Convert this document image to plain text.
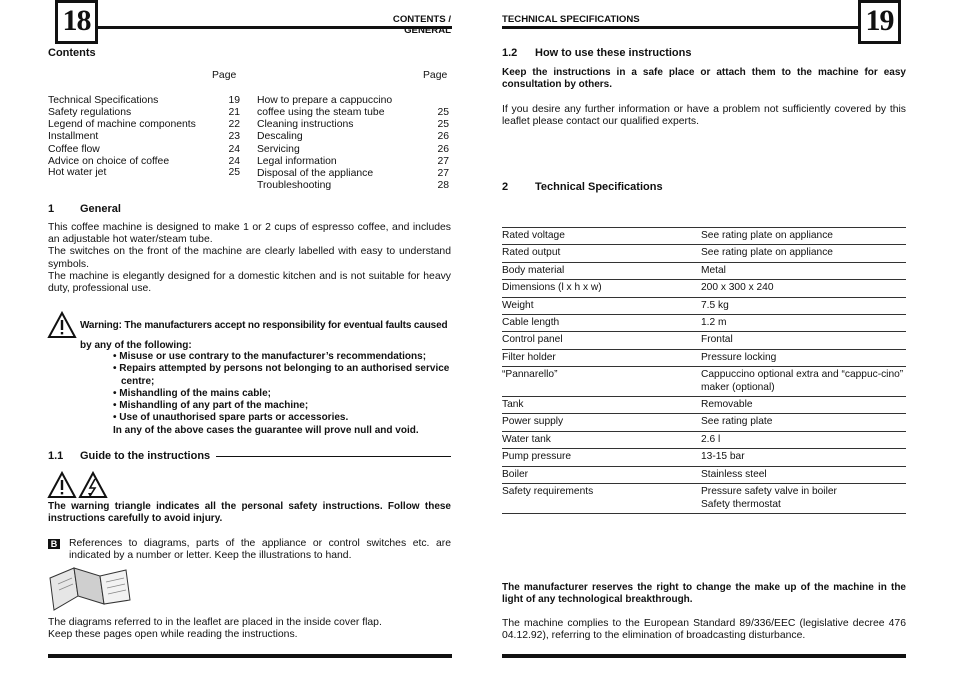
18	CONTENTS / GENERAL
Contents
Page	Page
Technical Specifications	19
Safety regulations	21
Legend of machine components	22
Installment	23
Coffee flow	24
Advice on choice of coffee	24
Hot water jet	25
How to prepare a cappuccino
coffee using the steam tube	25
Cleaning instructions	25
Descaling	26
Servicing	26
Legal information	27
Disposal of the appliance	27
Troubleshooting	28
1 General
This coffee machine is designed to make 1 or 2 cups of espresso coffee, and includes an adjustable hot water/steam tube.
The switches on the front of the machine are clearly labelled with easy to understand symbols.
The machine is elegantly designed for a domestic kitchen and is not suitable for heavy duty, professional use.
Warning: The manufacturers accept no responsibility for eventual faults caused
by any of the following:
• Misuse or use contrary to the manufacturer’s recommendations;
• Repairs attempted by persons not belonging to an authorised service centre;
• Mishandling of the mains cable;
• Mishandling of any part of the machine;
• Use of unauthorised spare parts or accessories.
In any of the above cases the guarantee will prove null and void.
1.1 Guide to the instructions
The warning triangle indicates all the personal safety instructions. Follow these instructions carefully to avoid injury.
B References to diagrams, parts of the appliance or control switches etc. are indicated by a number or letter. Keep the illustrations to hand.
The diagrams referred to in the leaflet are placed in the inside cover flap.
Keep these pages open while reading the instructions.
TECHNICAL SPECIFICATIONS	19
1.2 How to use these instructions
Keep the instructions in a safe place or attach them to the machine for easy consultation by others.
If you desire any further information or have a problem not sufficiently covered by this leaflet please contact our qualified experts.
2 Technical Specifications
Rated voltage	See rating plate on appliance
Rated output	See rating plate on appliance
Body material	Metal
Dimensions (l x h x w)	200 x 300 x 240
Weight	7.5 kg
Cable length	1.2 m
Control panel	Frontal
Filter holder	Pressure locking
“Pannarello”	Cappuccino optional extra and “cappuc-cino” maker (optional)
Tank	Removable
Power supply	See rating plate
Water tank	2.6 l
Pump pressure	13-15 bar
Boiler	Stainless steel
Safety requirements	Pressure safety valve in boiler
Safety thermostat
The manufacturer reserves the right to change the make up of the machine in the light of any technological breakthrough.
The machine complies to the European Standard 89/336/EEC (legislative decree 476 04.12.92), referring to the elimination of broadcasting disturbance.
